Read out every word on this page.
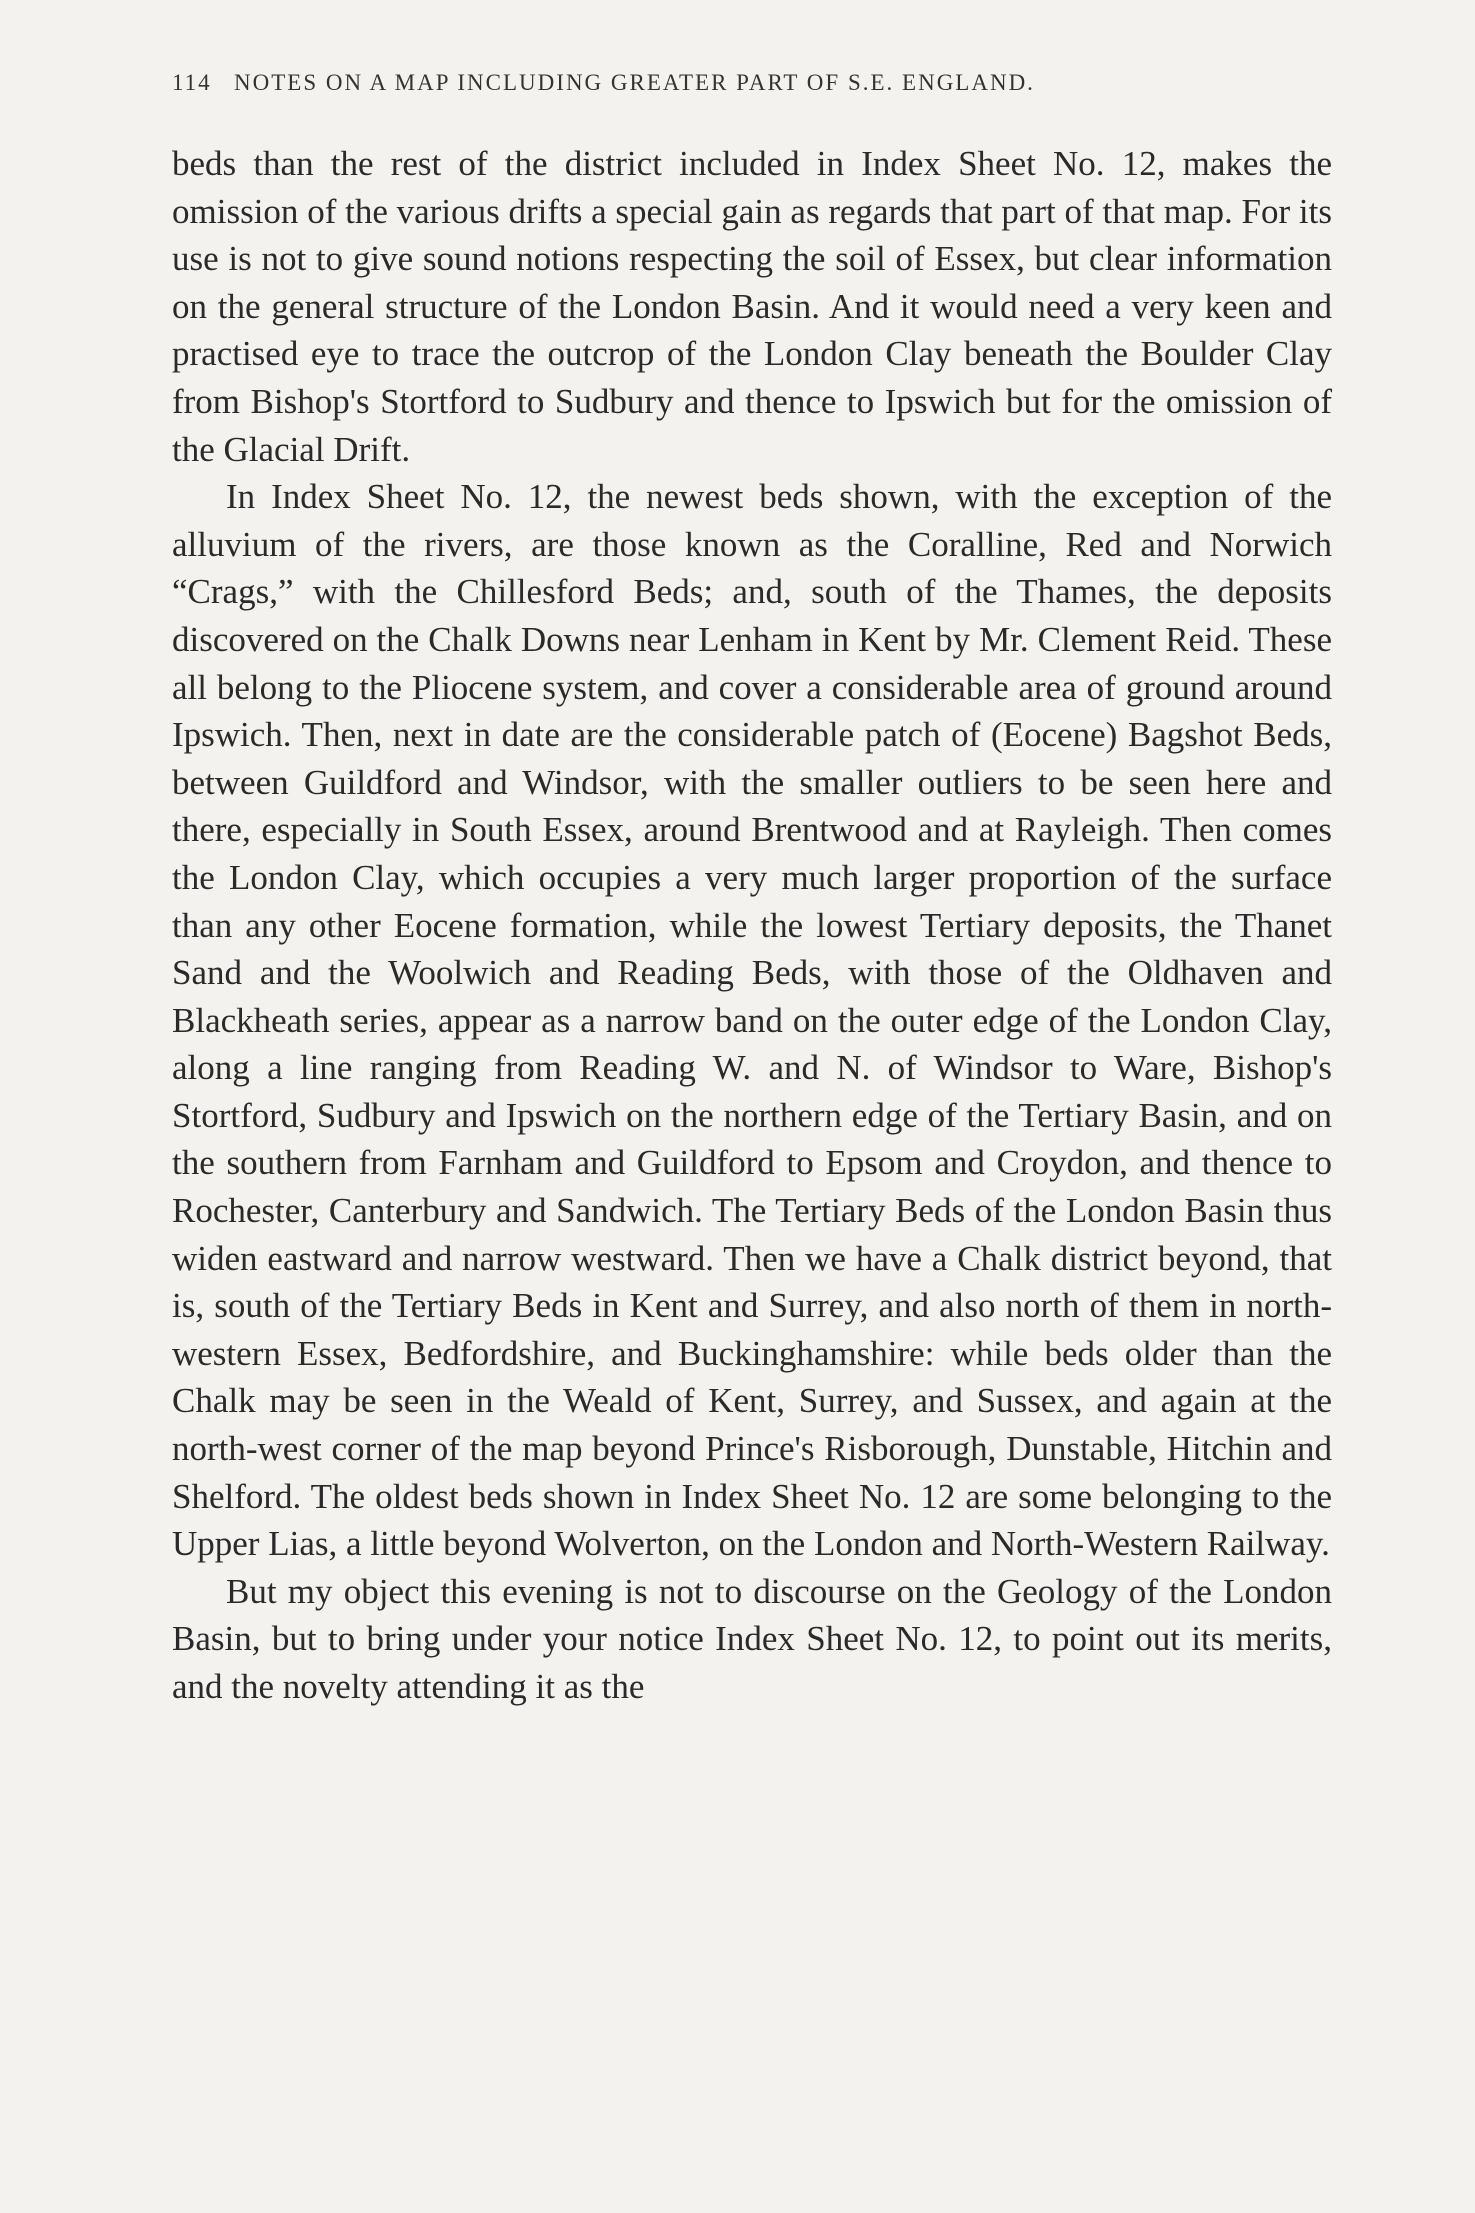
114 NOTES ON A MAP INCLUDING GREATER PART OF S.E. ENGLAND.

beds than the rest of the district included in Index Sheet No. 12, makes the omission of the various drifts a special gain as regards that part of that map. For its use is not to give sound notions respecting the soil of Essex, but clear information on the general structure of the London Basin. And it would need a very keen and practised eye to trace the outcrop of the London Clay beneath the Boulder Clay from Bishop's Stortford to Sudbury and thence to Ipswich but for the omission of the Glacial Drift.

In Index Sheet No. 12, the newest beds shown, with the exception of the alluvium of the rivers, are those known as the Coralline, Red and Norwich “Crags,” with the Chillesford Beds; and, south of the Thames, the deposits discovered on the Chalk Downs near Lenham in Kent by Mr. Clement Reid. These all belong to the Pliocene system, and cover a considerable area of ground around Ipswich. Then, next in date are the considerable patch of (Eocene) Bagshot Beds, between Guildford and Windsor, with the smaller outliers to be seen here and there, especially in South Essex, around Brentwood and at Rayleigh. Then comes the London Clay, which occupies a very much larger proportion of the surface than any other Eocene formation, while the lowest Tertiary deposits, the Thanet Sand and the Woolwich and Reading Beds, with those of the Oldhaven and Blackheath series, appear as a narrow band on the outer edge of the London Clay, along a line ranging from Reading W. and N. of Windsor to Ware, Bishop's Stortford, Sudbury and Ipswich on the northern edge of the Tertiary Basin, and on the southern from Farnham and Guildford to Epsom and Croydon, and thence to Rochester, Canterbury and Sandwich. The Tertiary Beds of the London Basin thus widen eastward and narrow westward. Then we have a Chalk district beyond, that is, south of the Tertiary Beds in Kent and Surrey, and also north of them in north-western Essex, Bedfordshire, and Buckinghamshire: while beds older than the Chalk may be seen in the Weald of Kent, Surrey, and Sussex, and again at the north-west corner of the map beyond Prince's Risborough, Dunstable, Hitchin and Shelford. The oldest beds shown in Index Sheet No. 12 are some belonging to the Upper Lias, a little beyond Wolverton, on the London and North-Western Railway.

But my object this evening is not to discourse on the Geology of the London Basin, but to bring under your notice Index Sheet No. 12, to point out its merits, and the novelty attending it as the
